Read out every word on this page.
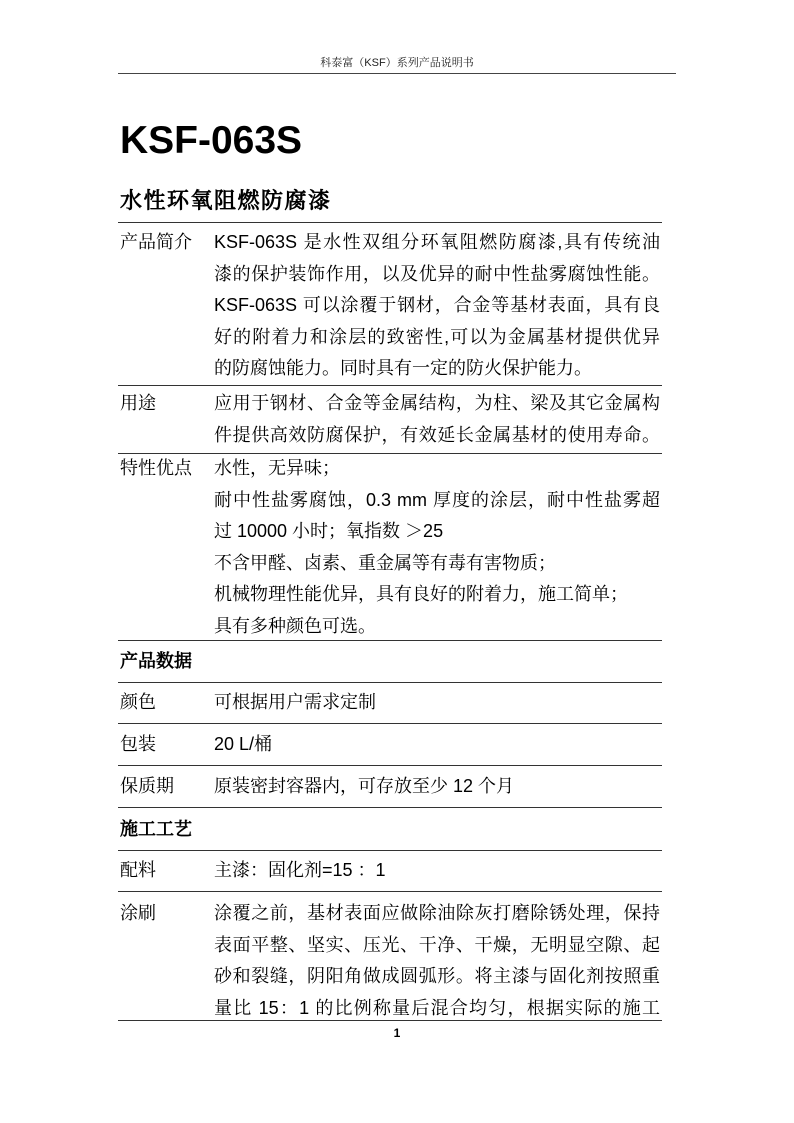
科泰富（KSF）系列产品说明书
KSF-063S
水性环氧阻燃防腐漆
产品简介 KSF-063S 是水性双组分环氧阻燃防腐漆,具有传统油
漆的保护装饰作用，以及优异的耐中性盐雾腐蚀性能。
KSF-063S 可以涂覆于钢材，合金等基材表面，具有良
好的附着力和涂层的致密性,可以为金属基材提供优异
的防腐蚀能力。同时具有一定的防火保护能力。
用途	应用于钢材、合金等金属结构，为柱、梁及其它金属构
件提供高效防腐保护，有效延长金属基材的使用寿命。
特性优点 水性，无异味；
耐中性盐雾腐蚀，0.3 mm 厚度的涂层，耐中性盐雾超
过 10000 小时；氧指数 ＞25
不含甲醛、卤素、重金属等有毒有害物质；
机械物理性能优异，具有良好的附着力，施工简单；
具有多种颜色可选。
产品数据
颜色	可根据用户需求定制
包装	20 L/桶
保质期 原装密封容器内，可存放至少 12 个月
施工工艺
配料	主漆：固化剂=15 ：1
涂刷	涂覆之前，基材表面应做除油除灰打磨除锈处理，保持
表面平整、坚实、压光、干净、干燥，无明显空隙、起
砂和裂缝，阴阳角做成圆弧形。将主漆与固化剂按照重
量比 15：1 的比例称量后混合均匀，根据实际的施工
1
